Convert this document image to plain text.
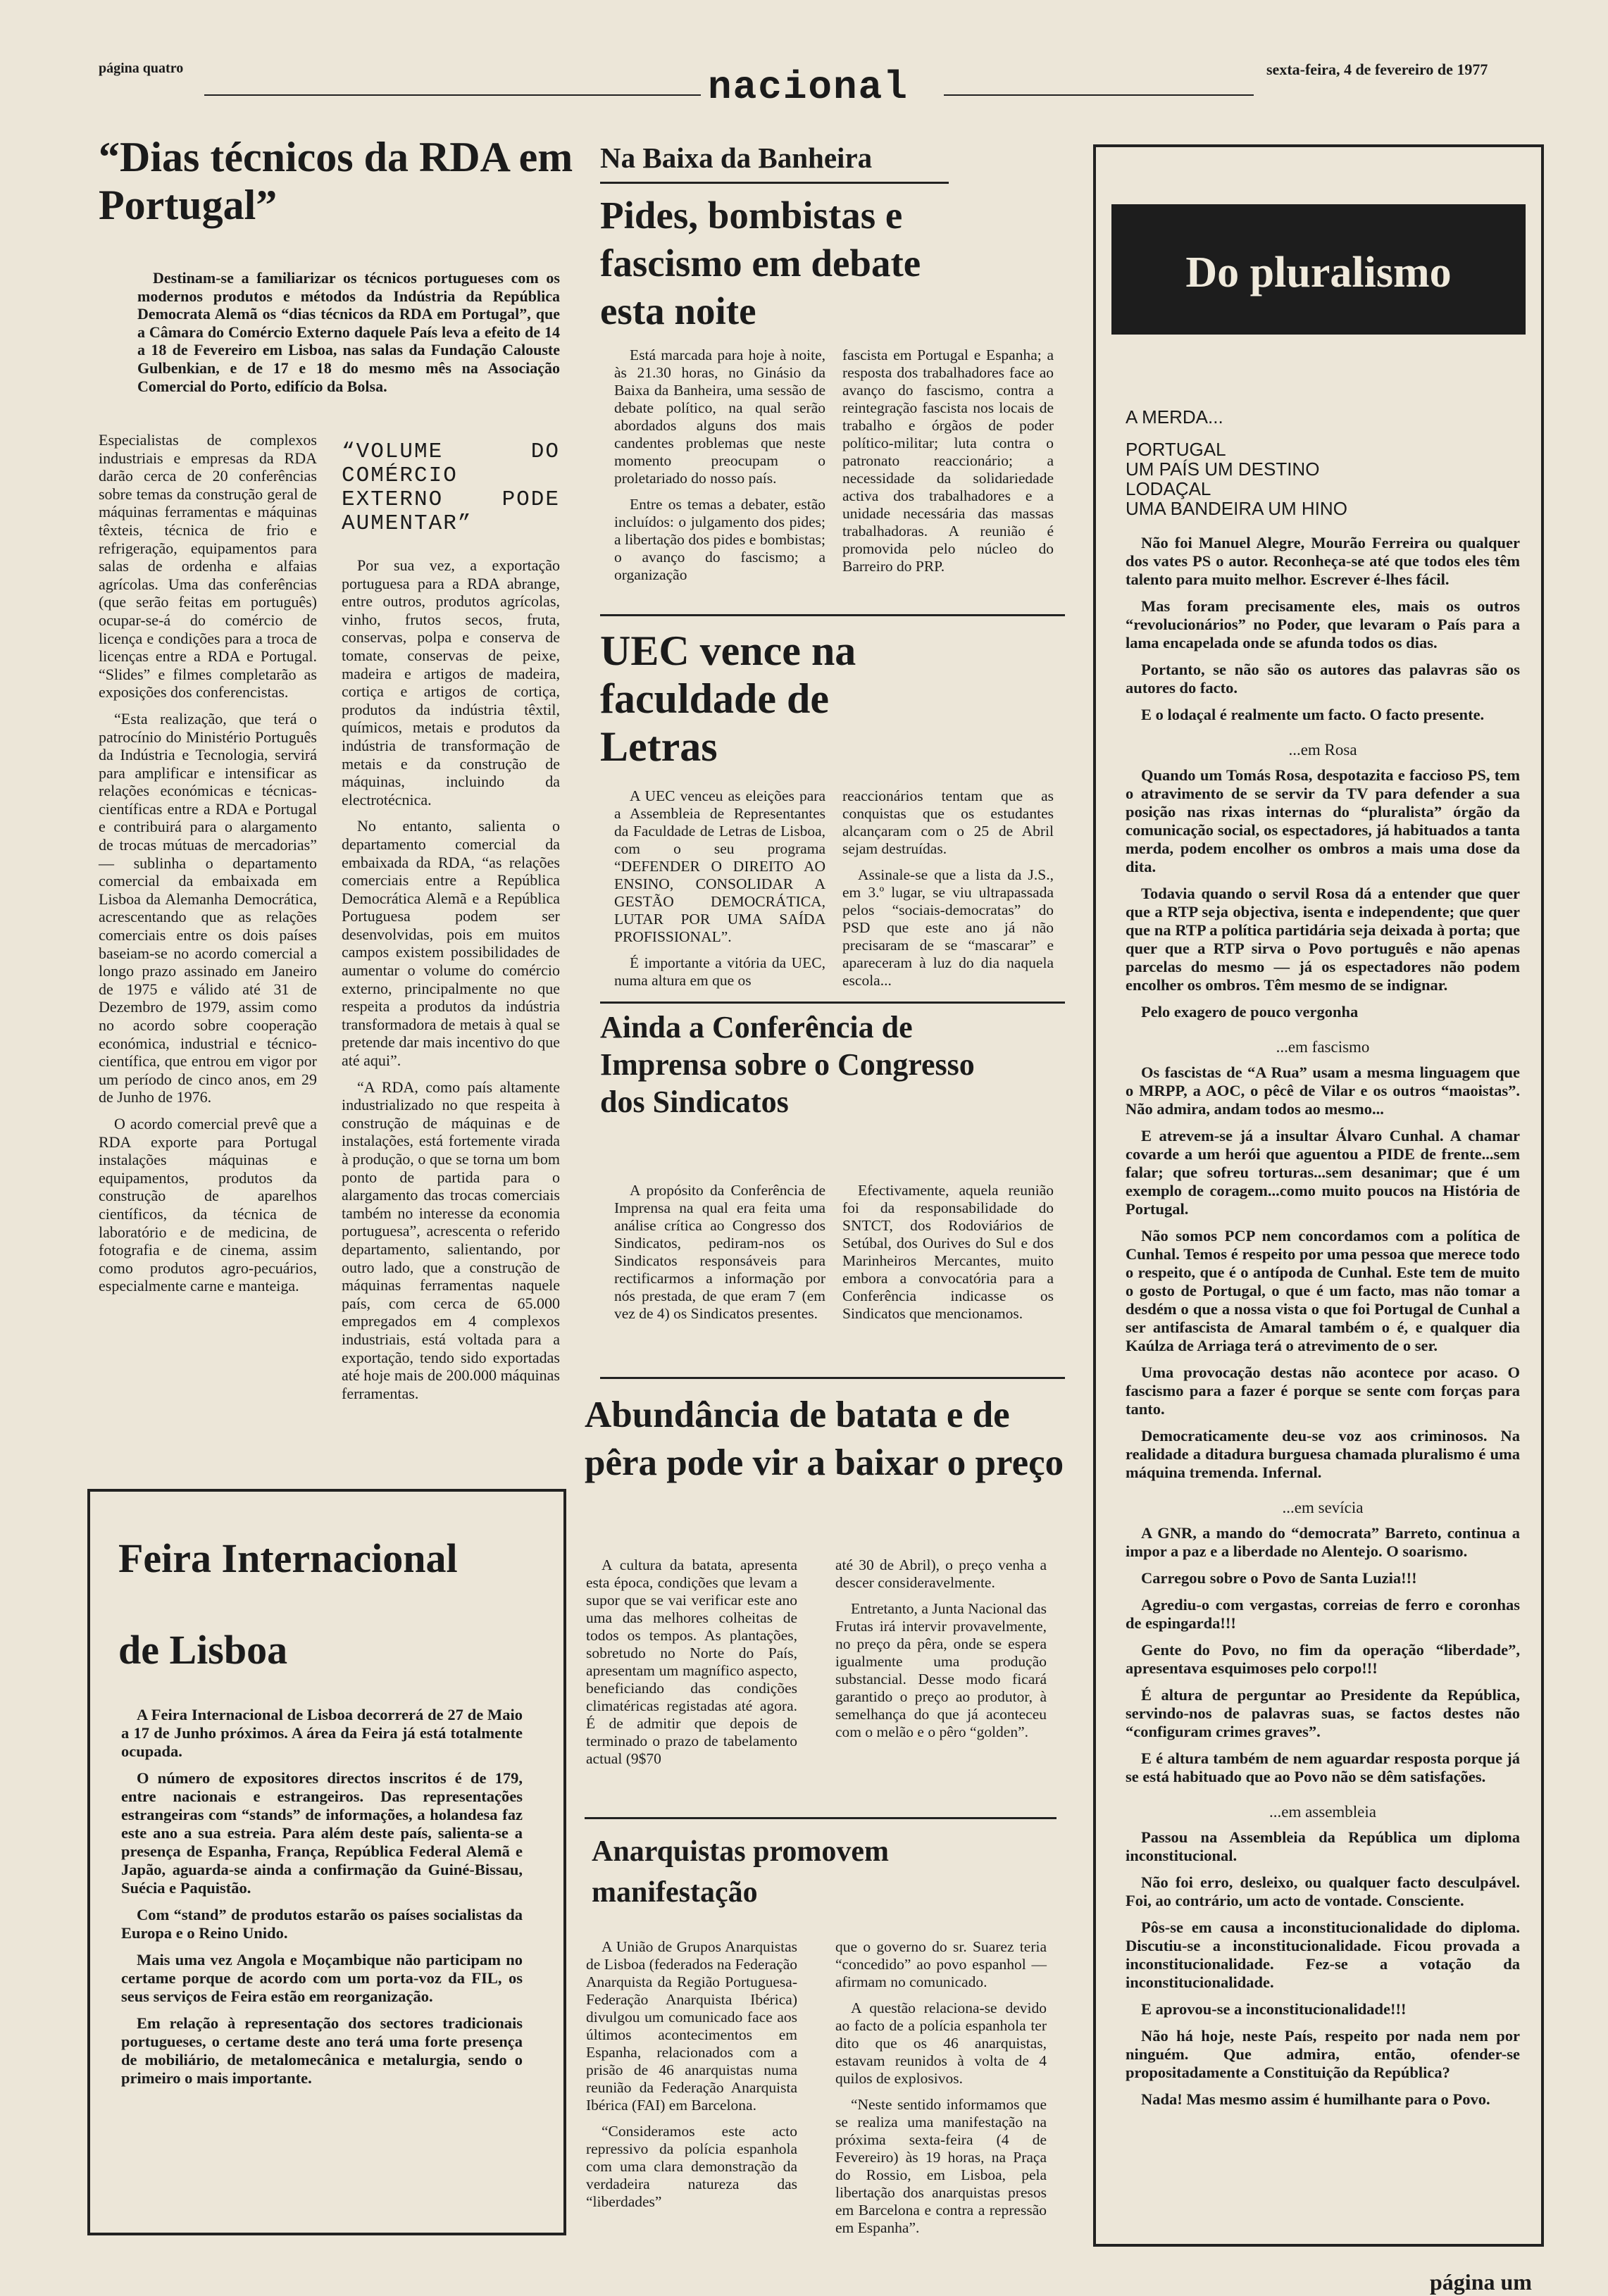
página quatro	nacional	sexta-feira, 4 de fevereiro de 1977
“Dias técnicos da RDA em Portugal”

Destinam-se a familiarizar os técnicos portugueses com os modernos produtos e métodos da Indústria da República Democrata Alemã os “dias técnicos da RDA em Portugal”, que a Câmara do Comércio Externo daquele País leva a efeito de 14 a 18 de Fevereiro em Lisboa, nas salas da Fundação Calouste Gulbenkian, e de 17 e 18 do mesmo mês na Associação Comercial do Porto, edifício da Bolsa.

Especialistas de complexos industriais e empresas da RDA darão cerca de 20 conferências sobre temas da construção geral de máquinas ferramentas e máquinas têxteis, técnica de frio e refrigeração, equipamentos para salas de ordenha e alfaias agrícolas. Uma das conferências (que serão feitas em português) ocupar-se-á do comércio de licença e condições para a troca de licenças entre a RDA e Portugal. “Slides” e filmes completarão as exposições dos conferencistas.

“Esta realização, que terá o patrocínio do Ministério Português da Indústria e Tecnologia, servirá para amplificar e intensificar as relações económicas e técnicas-científicas entre a RDA e Portugal e contribuirá para o alargamento de trocas mútuas de mercadorias” — sublinha o departamento comercial da embaixada em Lisboa da Alemanha Democrática, acrescentando que as relações comerciais entre os dois países baseiam-se no acordo comercial a longo prazo assinado em Janeiro de 1975 e válido até 31 de Dezembro de 1979, assim como no acordo sobre cooperação económica, industrial e técnico-científica, que entrou em vigor por um período de cinco anos, em 29 de Junho de 1976.

O acordo comercial prevê que a RDA exporte para Portugal instalações máquinas e equipamentos, produtos da construção de aparelhos científicos, da técnica de laboratório e de medicina, de fotografia e de cinema, assim como produtos agro-pecuários, especialmente carne e manteiga.

“VOLUME DO COMÉRCIO EXTERNO PODE AUMENTAR”

Por sua vez, a exportação portuguesa para a RDA abrange, entre outros, produtos agrícolas, vinho, frutos secos, fruta, conservas, polpa e conserva de tomate, conservas de peixe, madeira e artigos de madeira, cortiça e artigos de cortiça, produtos da indústria têxtil, químicos, metais e produtos da indústria de transformação de metais e da construção de máquinas, incluindo da electrotécnica.

No entanto, salienta o departamento comercial da embaixada da RDA, “as relações comerciais entre a República Democrática Alemã e a República Portuguesa podem ser desenvolvidas, pois em muitos campos existem possibilidades de aumentar o volume do comércio externo, principalmente no que respeita a produtos da indústria transformadora de metais à qual se pretende dar mais incentivo do que até aqui”.

“A RDA, como país altamente industrializado no que respeita à construção de máquinas e de instalações, está fortemente virada à produção, o que se torna um bom ponto de partida para o alargamento das trocas comerciais também no interesse da economia portuguesa”, acrescenta o referido departamento, salientando, por outro lado, que a construção de máquinas ferramentas naquele país, com cerca de 65.000 empregados em 4 complexos industriais, está voltada para a exportação, tendo sido exportadas até hoje mais de 200.000 máquinas ferramentas.

Feira Internacional
de Lisboa

A Feira Internacional de Lisboa decorrerá de 27 de Maio a 17 de Junho próximos. A área da Feira já está totalmente ocupada.

O número de expositores directos inscritos é de 179, entre nacionais e estrangeiros. Das representações estrangeiras com “stands” de informações, a holandesa faz este ano a sua estreia. Para além deste país, salienta-se a presença de Espanha, França, República Federal Alemã e Japão, aguarda-se ainda a confirmação da Guiné-Bissau, Suécia e Paquistão.

Com “stand” de produtos estarão os países socialistas da Europa e o Reino Unido.

Mais uma vez Angola e Moçambique não participam no certame porque de acordo com um porta-voz da FIL, os seus serviços de Feira estão em reorganização.

Em relação à representação dos sectores tradicionais portugueses, o certame deste ano terá uma forte presença de mobiliário, de metalomecânica e metalurgia, sendo o primeiro o mais importante.

Na Baixa da Banheira
Pides, bombistas e fascismo em debate esta noite

Está marcada para hoje à noite, às 21.30 horas, no Ginásio da Baixa da Banheira, uma sessão de debate político, na qual serão abordados alguns dos mais candentes problemas que neste momento preocupam o proletariado do nosso país.

Entre os temas a debater, estão incluídos: o julgamento dos pides; a libertação dos pides e bombistas; o avanço do fascismo; a organização

fascista em Portugal e Espanha; a resposta dos trabalhadores face ao avanço do fascismo, contra a reintegração fascista nos locais de trabalho e órgãos de poder político-militar; luta contra o patronato reaccionário; a necessidade da solidariedade activa dos trabalhadores e a unidade necessária das massas trabalhadoras. A reunião é promovida pelo núcleo do Barreiro do PRP.

UEC vence na faculdade de Letras

A UEC venceu as eleições para a Assembleia de Representantes da Faculdade de Letras de Lisboa, com o seu programa “DEFENDER O DIREITO AO ENSINO, CONSOLIDAR A GESTÃO DEMOCRÁTICA, LUTAR POR UMA SAÍDA PROFISSIONAL”.

É importante a vitória da UEC, numa altura em que os

reaccionários tentam que as conquistas que os estudantes alcançaram com o 25 de Abril sejam destruídas.

Assinale-se que a lista da J.S., em 3.º lugar, se viu ultrapassada pelos “sociais-democratas” do PSD que este ano já não precisaram de se “mascarar” e apareceram à luz do dia naquela escola...

Ainda a Conferência de Imprensa sobre o Congresso dos Sindicatos

A propósito da Conferência de Imprensa na qual era feita uma análise crítica ao Congresso dos Sindicatos, pediram-nos os Sindicatos responsáveis para rectificarmos a informação por nós prestada, de que eram 7 (em vez de 4) os Sindicatos presentes.

Efectivamente, aquela reunião foi da responsabilidade do SNTCT, dos Rodoviários de Setúbal, dos Ourives do Sul e dos Marinheiros Mercantes, muito embora a convocatória para a Conferência indicasse os Sindicatos que mencionamos.

Abundância de batata e de pêra pode vir a baixar o preço

A cultura da batata, apresenta esta época, condições que levam a supor que se vai verificar este ano uma das melhores colheitas de todos os tempos. As plantações, sobretudo no Norte do País, apresentam um magnífico aspecto, beneficiando das condições climatéricas registadas até agora. É de admitir que depois de terminado o prazo de tabelamento actual (9$70

até 30 de Abril), o preço venha a descer consideravelmente.

Entretanto, a Junta Nacional das Frutas irá intervir provavelmente, no preço da pêra, onde se espera igualmente uma produção substancial. Desse modo ficará garantido o preço ao produtor, à semelhança do que já aconteceu com o melão e o pêro “golden”.

Anarquistas promovem manifestação

A União de Grupos Anarquistas de Lisboa (federados na Federação Anarquista da Região Portuguesa-Federação Anarquista Ibérica) divulgou um comunicado face aos últimos acontecimentos em Espanha, relacionados com a prisão de 46 anarquistas numa reunião da Federação Anarquista Ibérica (FAI) em Barcelona.

“Consideramos este acto repressivo da polícia espanhola com uma clara demonstração da verdadeira natureza das “liberdades”

que o governo do sr. Suarez teria “concedido” ao povo espanhol — afirmam no comunicado.

A questão relaciona-se devido ao facto de a polícia espanhola ter dito que os 46 anarquistas, estavam reunidos à volta de 4 quilos de explosivos.

“Neste sentido informamos que se realiza uma manifestação na próxima sexta-feira (4 de Fevereiro) às 19 horas, na Praça do Rossio, em Lisboa, pela libertação dos anarquistas presos em Barcelona e contra a repressão em Espanha”.

Do pluralismo
A MERDA...
PORTUGAL
UM PAÍS UM DESTINO
LODAÇAL
UMA BANDEIRA UM HINO

Não foi Manuel Alegre, Mourão Ferreira ou qualquer dos vates PS o autor. Reconheça-se até que todos eles têm talento para muito melhor. Escrever é-lhes fácil.

Mas foram precisamente eles, mais os outros “revolucionários” no Poder, que levaram o País para a lama encapelada onde se afunda todos os dias.

Portanto, se não são os autores das palavras são os autores do facto.

E o lodaçal é realmente um facto. O facto presente.

...em Rosa

Quando um Tomás Rosa, despotazita e faccioso PS, tem o atravimento de se servir da TV para defender a sua posição nas rixas internas do “pluralista” órgão da comunicação social, os espectadores, já habituados a tanta merda, podem encolher os ombros a mais uma dose da dita.

Todavia quando o servil Rosa dá a entender que quer que a RTP seja objectiva, isenta e independente; que quer que na RTP a política partidária seja deixada à porta; que quer que a RTP sirva o Povo português e não apenas parcelas do mesmo — já os espectadores não podem encolher os ombros. Têm mesmo de se indignar.

Pelo exagero de pouco vergonha

...em fascismo

Os fascistas de “A Rua” usam a mesma linguagem que o MRPP, a AOC, o pêcê de Vilar e os outros “maoistas”. Não admira, andam todos ao mesmo...

E atrevem-se já a insultar Álvaro Cunhal. A chamar covarde a um herói que aguentou a PIDE de frente...sem falar; que sofreu torturas...sem desanimar; que é um exemplo de coragem...como muito poucos na História de Portugal.

Não somos PCP nem concordamos com a política de Cunhal. Temos é respeito por uma pessoa que merece todo o respeito, que é o antípoda de Cunhal. Este tem de muito o gosto de Portugal, o que é um facto, mas não tomar a desdém o que a nossa vista o que foi Portugal de Cunhal a ser antifascista de Amaral também o é, e qualquer dia Kaúlza de Arriaga terá o atrevimento de o ser.

Uma provocação destas não acontece por acaso. O fascismo para a fazer é porque se sente com forças para tanto.

Democraticamente deu-se voz aos criminosos. Na realidade a ditadura burguesa chamada pluralismo é uma máquina tremenda. Infernal.

...em sevícia

A GNR, a mando do “democrata” Barreto, continua a impor a paz e a liberdade no Alentejo. O soarismo.

Carregou sobre o Povo de Santa Luzia!!!

Agrediu-o com vergastas, correias de ferro e coronhas de espingarda!!!

Gente do Povo, no fim da operação “liberdade”, apresentava esquimoses pelo corpo!!!

É altura de perguntar ao Presidente da República, servindo-nos de palavras suas, se factos destes não “configuram crimes graves”.

E é altura também de nem aguardar resposta porque já se está habituado que ao Povo não se dêm satisfações.

...em assembleia

Passou na Assembleia da República um diploma inconstitucional.

Não foi erro, desleixo, ou qualquer facto desculpável. Foi, ao contrário, um acto de vontade. Consciente.

Pôs-se em causa a inconstitucionalidade do diploma. Discutiu-se a inconstitucionalidade. Ficou provada a inconstitucionalidade. Fez-se a votação da inconstitucionalidade.

E aprovou-se a inconstitucionalidade!!!

Não há hoje, neste País, respeito por nada nem por ninguém. Que admira, então, ofender-se propositadamente a Constituição da República?

Nada! Mas mesmo assim é humilhante para o Povo.

página um
